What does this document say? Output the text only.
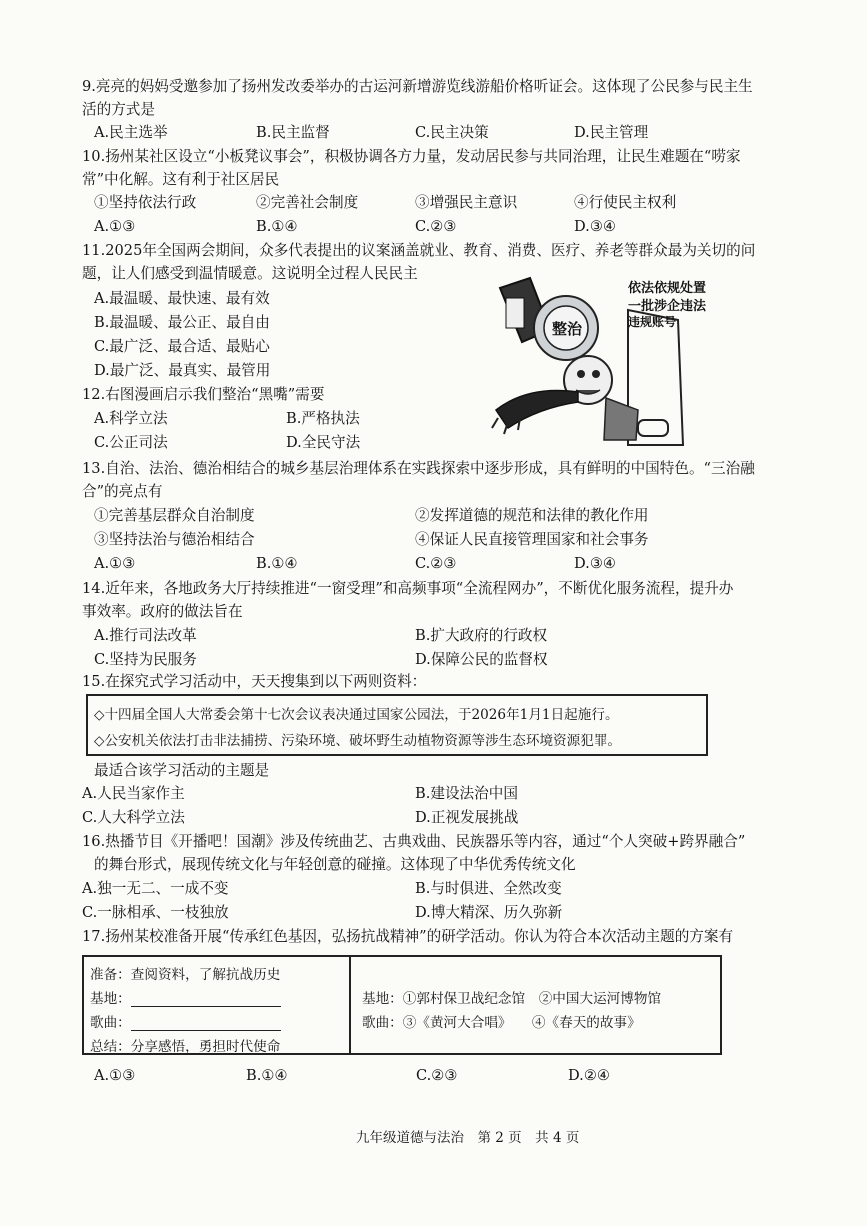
9.亮亮的妈妈受邀参加了扬州发改委举办的古运河新增游览线游船价格听证会。这体现了公民参与民主生
活的方式是
A.民主选举	B.民主监督	C.民主决策	D.民主管理
10.扬州某社区设立“小板凳议事会”，积极协调各方力量，发动居民参与共同治理，让民生难题在“唠家
常”中化解。这有利于社区居民
①坚持依法行政	②完善社会制度	③增强民主意识	④行使民主权利
A.①③	B.①④	C.②③	D.③④
11.2025年全国两会期间，众多代表提出的议案涵盖就业、教育、消费、医疗、养老等群众最为关切的问
题，让人们感受到温情暖意。这说明全过程人民民主
A.最温暖、最快速、最有效
B.最温暖、最公正、最自由
C.最广泛、最合适、最贴心
D.最广泛、最真实、最管用
12.右图漫画启示我们整治“黑嘴”需要
A.科学立法	B.严格执法
C.公正司法	D.全民守法
整治
依法依规处置
一批涉企违法
违规账号
13.自治、法治、德治相结合的城乡基层治理体系在实践探索中逐步形成，具有鲜明的中国特色。“三治融
合”的亮点有
①完善基层群众自治制度	②发挥道德的规范和法律的教化作用
③坚持法治与德治相结合	④保证人民直接管理国家和社会事务
A.①③	B.①④	C.②③	D.③④
14.近年来，各地政务大厅持续推进“一窗受理”和高频事项“全流程网办”，不断优化服务流程，提升办
事效率。政府的做法旨在
A.推行司法改革	B.扩大政府的行政权
C.坚持为民服务	D.保障公民的监督权
15.在探究式学习活动中，天天搜集到以下两则资料：
◇十四届全国人大常委会第十七次会议表决通过国家公园法，于2026年1月1日起施行。
◇公安机关依法打击非法捕捞、污染环境、破坏野生动植物资源等涉生态环境资源犯罪。
最适合该学习活动的主题是
A.人民当家作主	B.建设法治中国
C.人大科学立法	D.正视发展挑战
16.热播节目《开播吧！国潮》涉及传统曲艺、古典戏曲、民族器乐等内容，通过“个人突破+跨界融合”
的舞台形式，展现传统文化与年轻创意的碰撞。这体现了中华优秀传统文化
A.独一无二、一成不变	B.与时俱进、全然改变
C.一脉相承、一枝独放	D.博大精深、历久弥新
17.扬州某校准备开展“传承红色基因，弘扬抗战精神”的研学活动。你认为符合本次活动主题的方案有
准备：查阅资料，了解抗战历史
基地：
歌曲：
总结：分享感悟，勇担时代使命
基地：①郭村保卫战纪念馆　②中国大运河博物馆
歌曲：③《黄河大合唱》　　④《春天的故事》
A.①③	B.①④	C.②③	D.②④
九年级道德与法治　第 2 页　共 4 页
